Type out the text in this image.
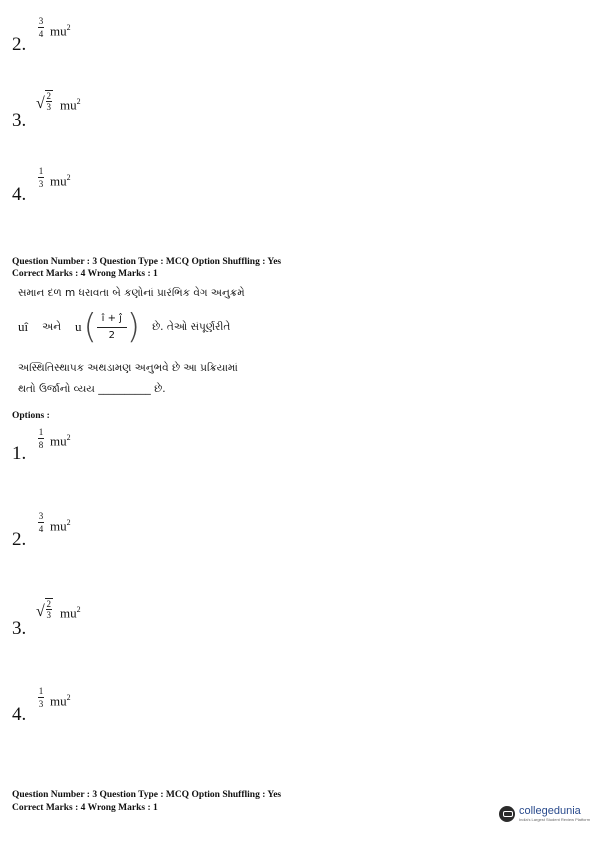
2.
3
4 $mu^2$
3.
√ 2
3 $mu^2$
4.
1
3 $mu^2$
Question Number : 3 Question Type : MCQ Option Shuffling : Yes
Correct Marks : 4 Wrong Marks : 1
સમાન દળ m ધરાવતા બે કણોનાં પ્રારંભિક વેગ અનુક્રમે
uî અને u ( î + ĵ
2 ) છે. તેઓ સંપૂર્ણરીતે
અસ્થિતિસ્થાપક અથડામણ અનુભવે છે આ પ્રક્રિયામાં
થતો ઉર્જાનો વ્યય __________ છે.
Options :
1.
1
8 $mu^2$
2.
3
4 $mu^2$
3.
√ 2
3 $mu^2$
4.
1
3 $mu^2$
Question Number : 3 Question Type : MCQ Option Shuffling : Yes
Correct Marks : 4 Wrong Marks : 1	collegedunia
India's Largest Student Review Platform
